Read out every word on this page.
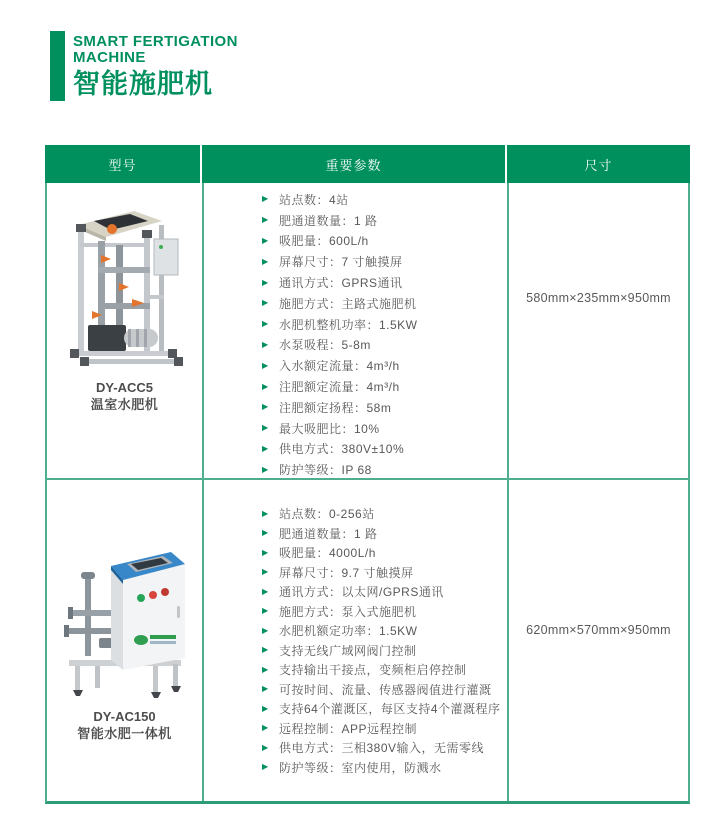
SMART FERTIGATION
MACHINE
智能施肥机
型号	重要参数	尺寸
DY-ACC5
温室水肥机
▶ 站点数：4站
▶ 肥通道数量：1 路
▶ 吸肥量：600L/h
▶ 屏幕尺寸：7 寸触摸屏
▶ 通讯方式：GPRS通讯
▶ 施肥方式：主路式施肥机
▶ 水肥机整机功率：1.5KW
▶ 水泵吸程：5-8m
▶ 入水额定流量：4m³/h
▶ 注肥额定流量：4m³/h
▶ 注肥额定扬程：58m
▶ 最大吸肥比：10%
▶ 供电方式：380V±10%
▶ 防护等级：IP 68
580mm×235mm×950mm
DY-AC150
智能水肥一体机
▶ 站点数：0-256站
▶ 肥通道数量：1 路
▶ 吸肥量：4000L/h
▶ 屏幕尺寸：9.7 寸触摸屏
▶ 通讯方式：以太网/GPRS通讯
▶ 施肥方式：泵入式施肥机
▶ 水肥机额定功率：1.5KW
▶ 支持无线广域网阀门控制
▶ 支持输出干接点，变频柜启停控制
▶ 可按时间、流量、传感器阀值进行灌溉
▶ 支持64个灌溉区，每区支持4个灌溉程序
▶ 远程控制：APP远程控制
▶ 供电方式：三相380V输入，无需零线
▶ 防护等级：室内使用，防溅水
620mm×570mm×950mm
